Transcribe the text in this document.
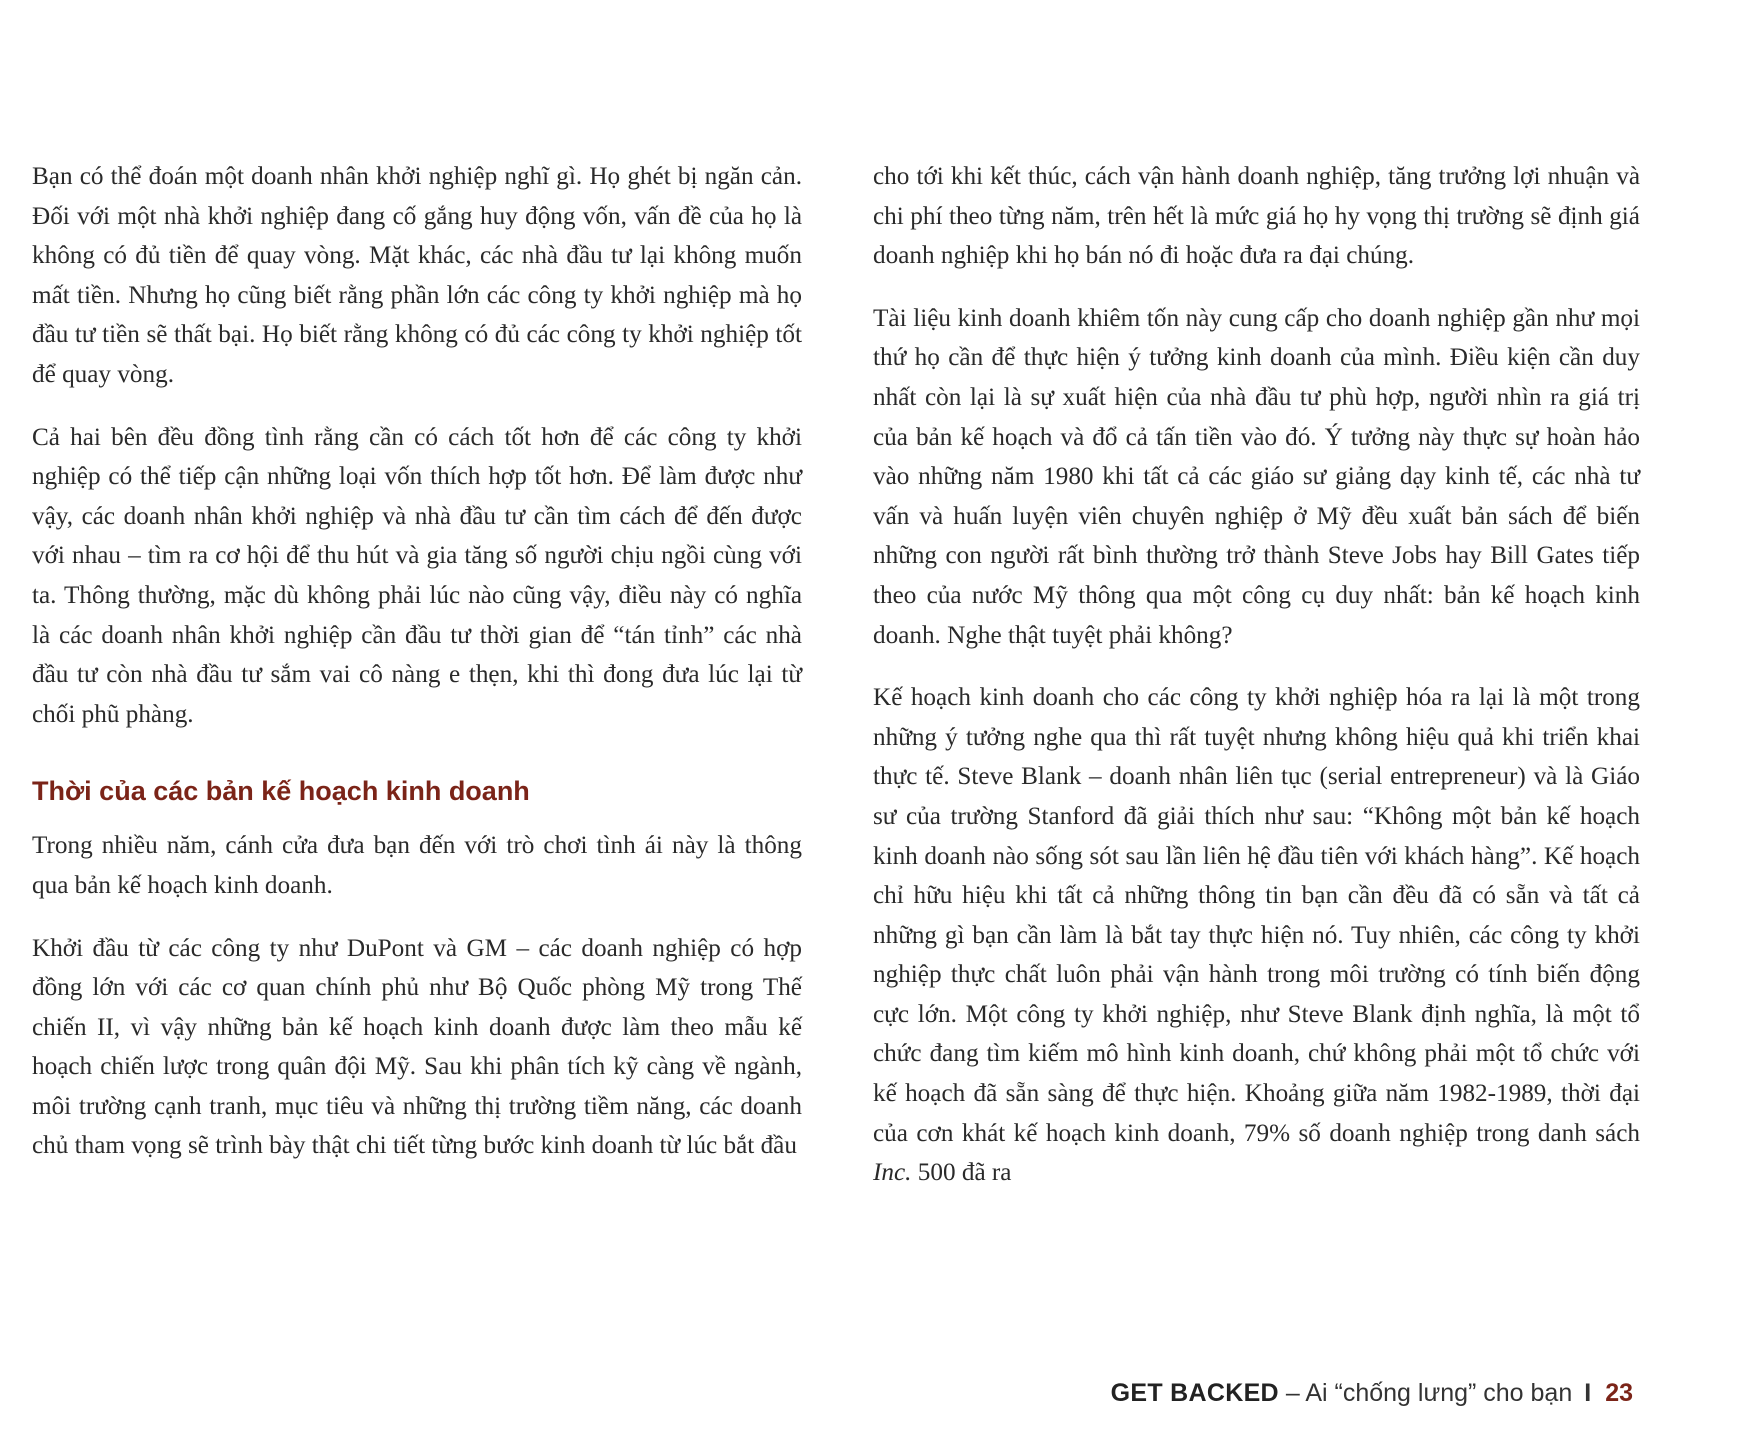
Bạn có thể đoán một doanh nhân khởi nghiệp nghĩ gì. Họ ghét bị ngăn cản. Đối với một nhà khởi nghiệp đang cố gắng huy động vốn, vấn đề của họ là không có đủ tiền để quay vòng. Mặt khác, các nhà đầu tư lại không muốn mất tiền. Nhưng họ cũng biết rằng phần lớn các công ty khởi nghiệp mà họ đầu tư tiền sẽ thất bại. Họ biết rằng không có đủ các công ty khởi nghiệp tốt để quay vòng.

Cả hai bên đều đồng tình rằng cần có cách tốt hơn để các công ty khởi nghiệp có thể tiếp cận những loại vốn thích hợp tốt hơn. Để làm được như vậy, các doanh nhân khởi nghiệp và nhà đầu tư cần tìm cách để đến được với nhau – tìm ra cơ hội để thu hút và gia tăng số người chịu ngồi cùng với ta. Thông thường, mặc dù không phải lúc nào cũng vậy, điều này có nghĩa là các doanh nhân khởi nghiệp cần đầu tư thời gian để “tán tỉnh” các nhà đầu tư còn nhà đầu tư sắm vai cô nàng e thẹn, khi thì đong đưa lúc lại từ chối phũ phàng.

Thời của các bản kế hoạch kinh doanh

Trong nhiều năm, cánh cửa đưa bạn đến với trò chơi tình ái này là thông qua bản kế hoạch kinh doanh.

Khởi đầu từ các công ty như DuPont và GM – các doanh nghiệp có hợp đồng lớn với các cơ quan chính phủ như Bộ Quốc phòng Mỹ trong Thế chiến II, vì vậy những bản kế hoạch kinh doanh được làm theo mẫu kế hoạch chiến lược trong quân đội Mỹ. Sau khi phân tích kỹ càng về ngành, môi trường cạnh tranh, mục tiêu và những thị trường tiềm năng, các doanh chủ tham vọng sẽ trình bày thật chi tiết từng bước kinh doanh từ lúc bắt đầu

cho tới khi kết thúc, cách vận hành doanh nghiệp, tăng trưởng lợi nhuận và chi phí theo từng năm, trên hết là mức giá họ hy vọng thị trường sẽ định giá doanh nghiệp khi họ bán nó đi hoặc đưa ra đại chúng.

Tài liệu kinh doanh khiêm tốn này cung cấp cho doanh nghiệp gần như mọi thứ họ cần để thực hiện ý tưởng kinh doanh của mình. Điều kiện cần duy nhất còn lại là sự xuất hiện của nhà đầu tư phù hợp, người nhìn ra giá trị của bản kế hoạch và đổ cả tấn tiền vào đó. Ý tưởng này thực sự hoàn hảo vào những năm 1980 khi tất cả các giáo sư giảng dạy kinh tế, các nhà tư vấn và huấn luyện viên chuyên nghiệp ở Mỹ đều xuất bản sách để biến những con người rất bình thường trở thành Steve Jobs hay Bill Gates tiếp theo của nước Mỹ thông qua một công cụ duy nhất: bản kế hoạch kinh doanh. Nghe thật tuyệt phải không?

Kế hoạch kinh doanh cho các công ty khởi nghiệp hóa ra lại là một trong những ý tưởng nghe qua thì rất tuyệt nhưng không hiệu quả khi triển khai thực tế. Steve Blank – doanh nhân liên tục (serial entrepreneur) và là Giáo sư của trường Stanford đã giải thích như sau: “Không một bản kế hoạch kinh doanh nào sống sót sau lần liên hệ đầu tiên với khách hàng”. Kế hoạch chỉ hữu hiệu khi tất cả những thông tin bạn cần đều đã có sẵn và tất cả những gì bạn cần làm là bắt tay thực hiện nó. Tuy nhiên, các công ty khởi nghiệp thực chất luôn phải vận hành trong môi trường có tính biến động cực lớn. Một công ty khởi nghiệp, như Steve Blank định nghĩa, là một tổ chức đang tìm kiếm mô hình kinh doanh, chứ không phải một tổ chức với kế hoạch đã sẵn sàng để thực hiện. Khoảng giữa năm 1982-1989, thời đại của cơn khát kế hoạch kinh doanh, 79% số doanh nghiệp trong danh sách Inc. 500 đã ra

GET BACKED – Ai “chống lưng” cho bạn I 23
